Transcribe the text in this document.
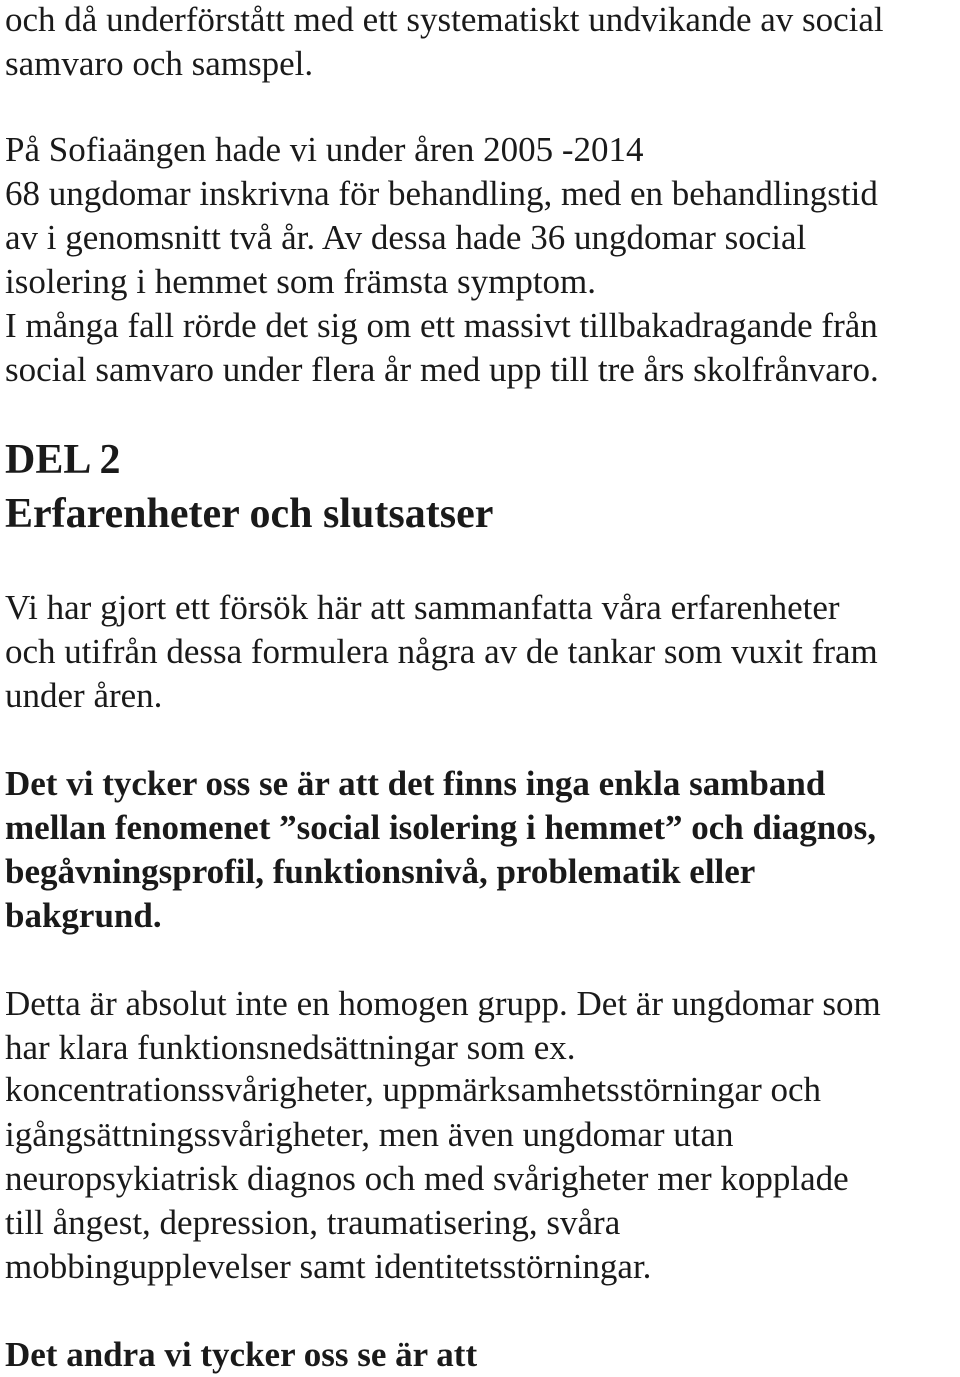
och då underförstått med ett systematiskt undvikande av social
samvaro och samspel.
På Sofiaängen hade vi under åren 2005 -2014
68 ungdomar inskrivna för behandling, med en behandlingstid
av i genomsnitt två år. Av dessa hade 36 ungdomar social
isolering i hemmet som främsta symptom.
I många fall rörde det sig om ett massivt tillbakadragande från
social samvaro under flera år med upp till tre års skolfrånvaro.
DEL 2
Erfarenheter och slutsatser
Vi har gjort ett försök här att sammanfatta våra erfarenheter
och utifrån dessa formulera några av de tankar som vuxit fram
under åren.
Det vi tycker oss se är att det finns inga enkla samband
mellan fenomenet ”social isolering i hemmet” och diagnos,
begåvningsprofil, funktionsnivå, problematik eller
bakgrund.
Detta är absolut inte en homogen grupp. Det är ungdomar som
har klara funktionsnedsättningar som ex.
koncentrationssvårigheter, uppmärksamhetsstörningar och
igångsättningssvårigheter, men även ungdomar utan
neuropsykiatrisk diagnos och med svårigheter mer kopplade
till ångest, depression, traumatisering, svåra
mobbingupplevelser samt identitetsstörningar.
Det andra vi tycker oss se är att
